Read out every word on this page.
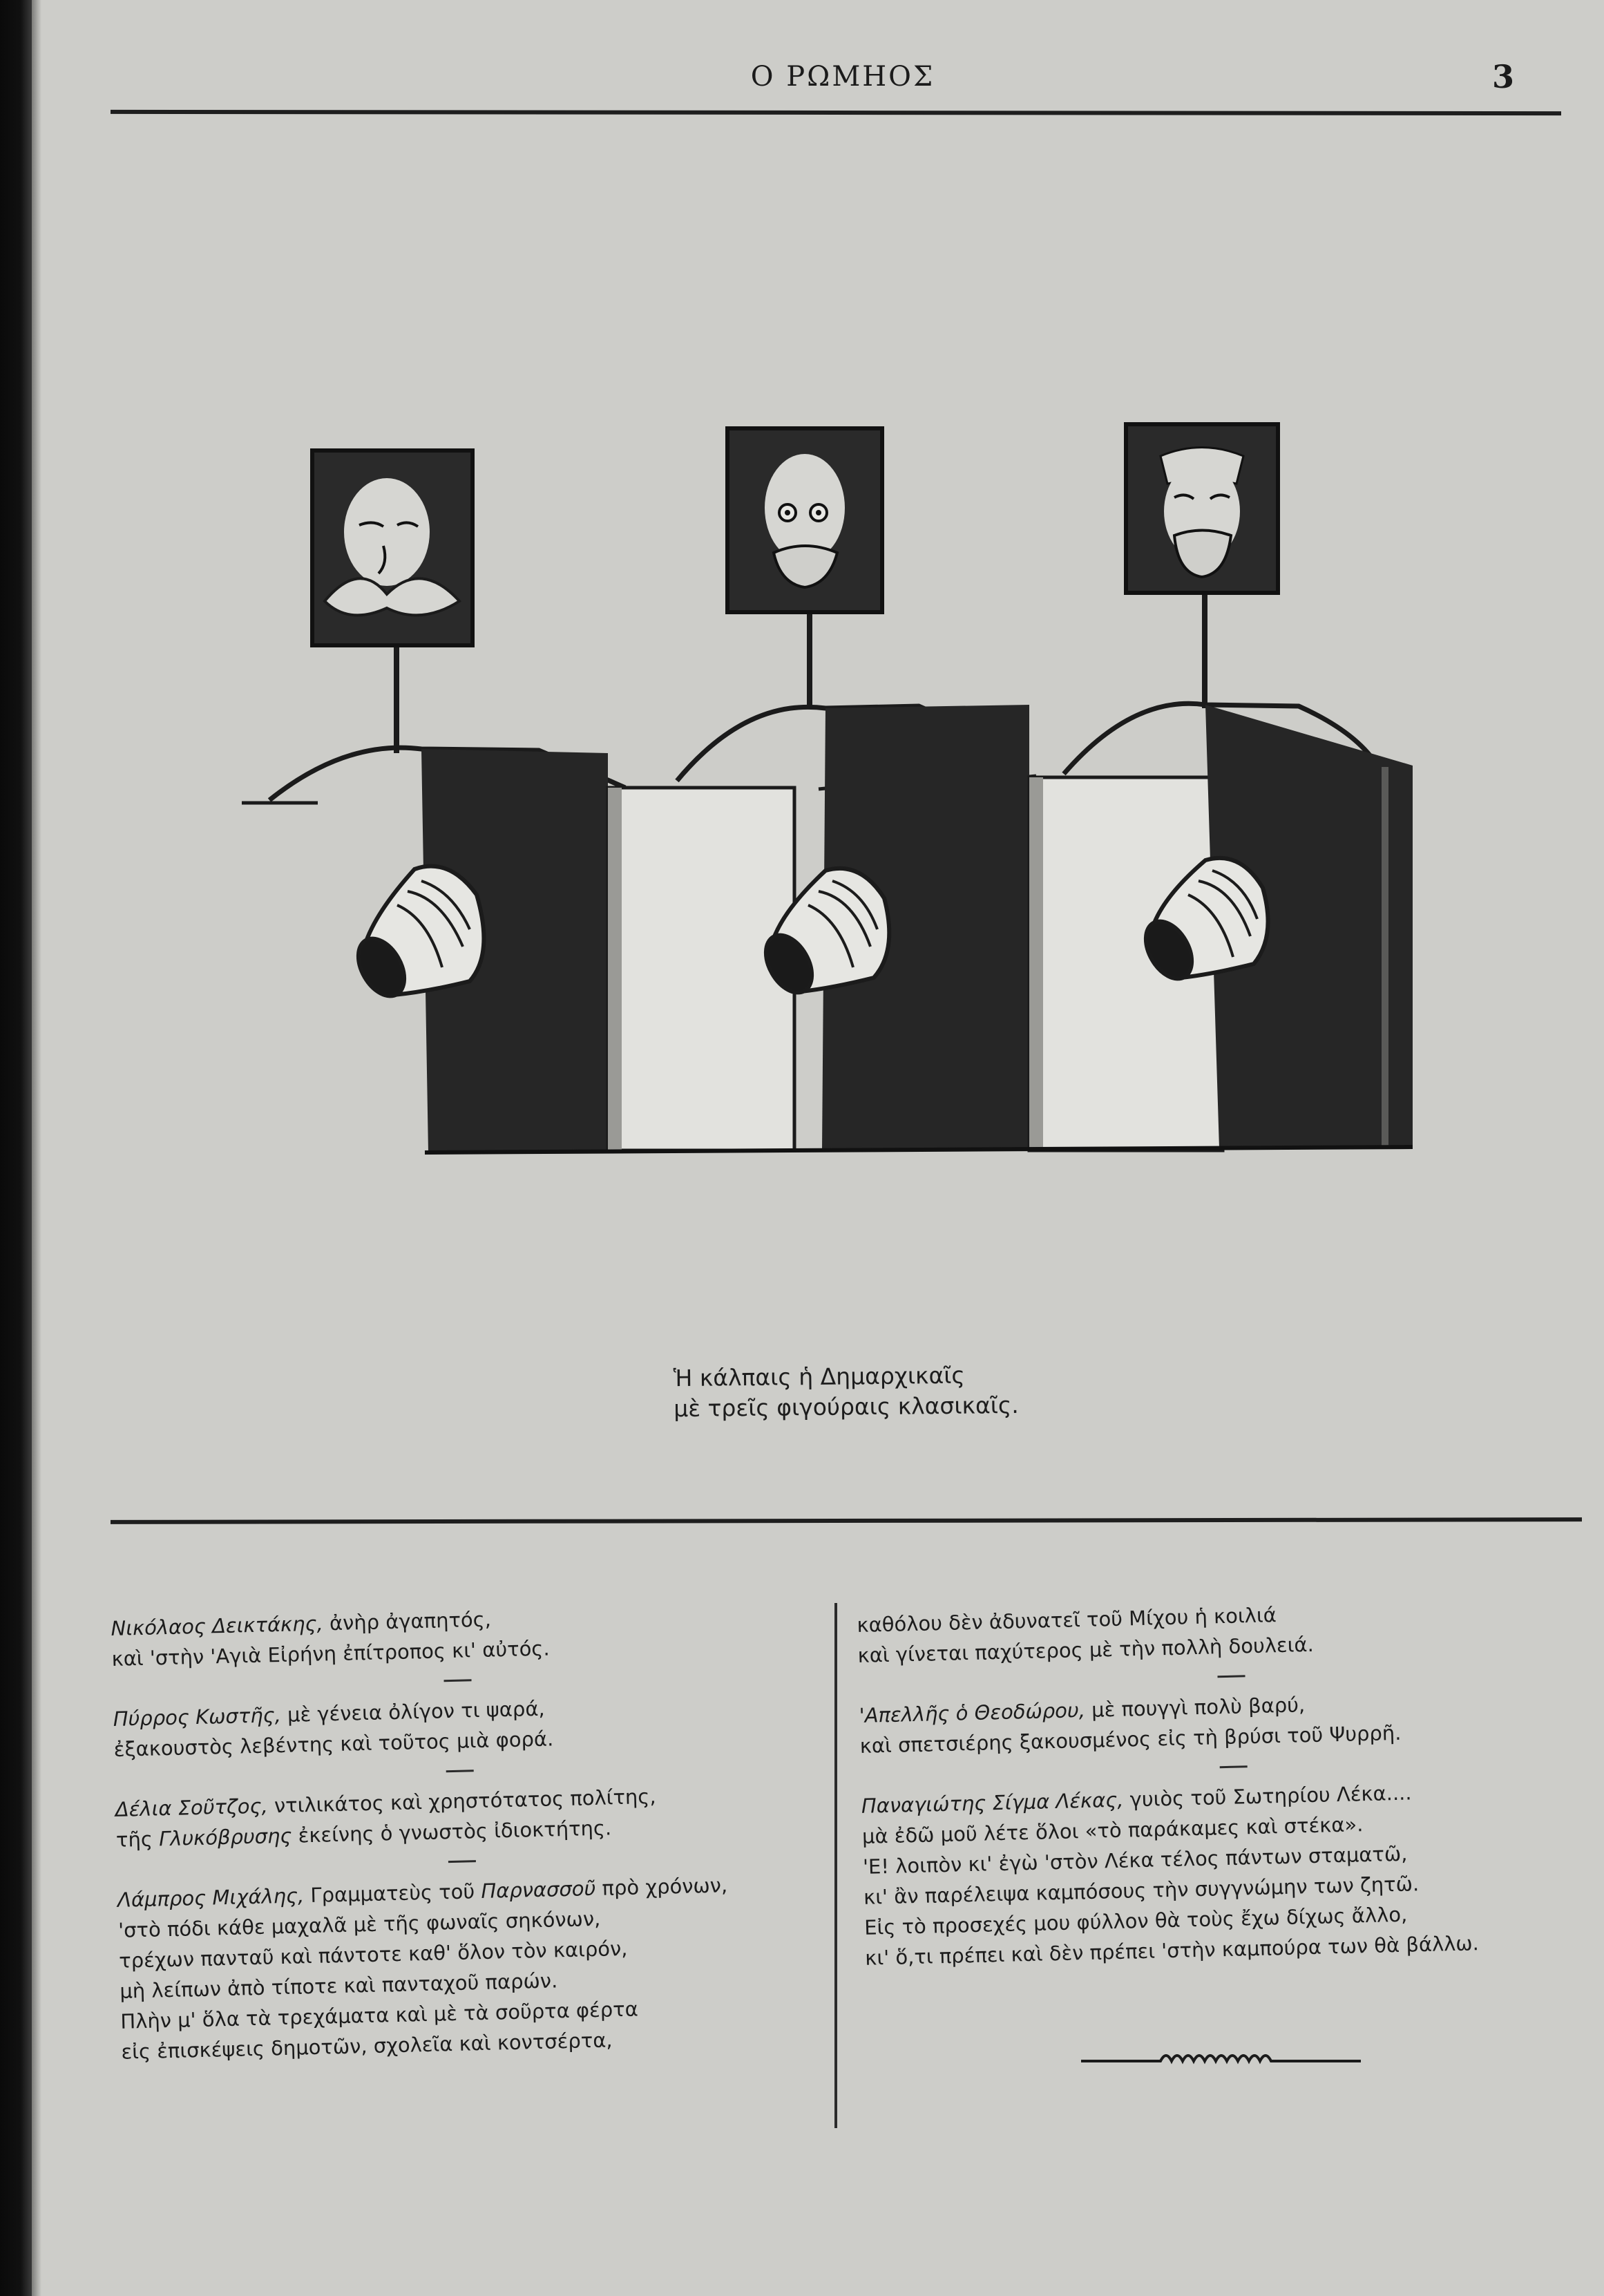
Ο ΡΩΜΗΟΣ	3
Ἡ κάλπαις ἡ Δημαρχικαῖς
μὲ τρεῖς φιγούραις κλασικαῖς.
Νικόλαος Δεικτάκης, ἀνὴρ ἀγαπητός,
καὶ 'στὴν 'Αγιὰ Εἰρήνη ἐπίτροπος κι' αὐτός.
Πύρρος Κωστῆς, μὲ γένεια ὀλίγον τι ψαρά,
ἐξακουστὸς λεβέντης καὶ τοῦτος μιὰ φορά.
Δέλια Σοῦτζος, ντιλικάτος καὶ χρηστότατος πολίτης,
τῆς Γλυκόβρυσης ἐκείνης ὁ γνωστὸς ἰδιοκτήτης.
Λάμπρος Μιχάλης, Γραμματεὺς τοῦ Παρνασσοῦ πρὸ χρόνων,
'στὸ πόδι κάθε μαχαλᾶ μὲ τῆς φωναῖς σηκόνων,
τρέχων πανταῦ καὶ πάντοτε καθ' ὅλον τὸν καιρόν,
μὴ λείπων ἀπὸ τίποτε καὶ πανταχοῦ παρών.
Πλὴν μ' ὅλα τὰ τρεχάματα καὶ μὲ τὰ σοῦρτα φέρτα
εἰς ἐπισκέψεις δημοτῶν, σχολεῖα καὶ κοντσέρτα,
καθόλου δὲν ἀδυνατεῖ τοῦ Μίχου ἡ κοιλιά
καὶ γίνεται παχύτερος μὲ τὴν πολλὴ δουλειά.
'Απελλῆς ὁ Θεοδώρου, μὲ πουγγὶ πολὺ βαρύ,
καὶ σπετσιέρης ξακουσμένος εἰς τὴ βρύσι τοῦ Ψυρρῆ.
Παναγιώτης Σίγμα Λέκας, γυιὸς τοῦ Σωτηρίου Λέκα....
μὰ ἐδῶ μοῦ λέτε ὅλοι «τὸ παράκαμες καὶ στέκα».
'Ε! λοιπὸν κι' ἐγὼ 'στὸν Λέκα τέλος πάντων σταματῶ,
κι' ἂν παρέλειψα καμπόσους τὴν συγγνώμην των ζητῶ.
Εἰς τὸ προσεχές μου φύλλον θὰ τοὺς ἔχω δίχως ἄλλο,
κι' ὅ,τι πρέπει καὶ δὲν πρέπει 'στὴν καμπούρα των θὰ βάλλω.
